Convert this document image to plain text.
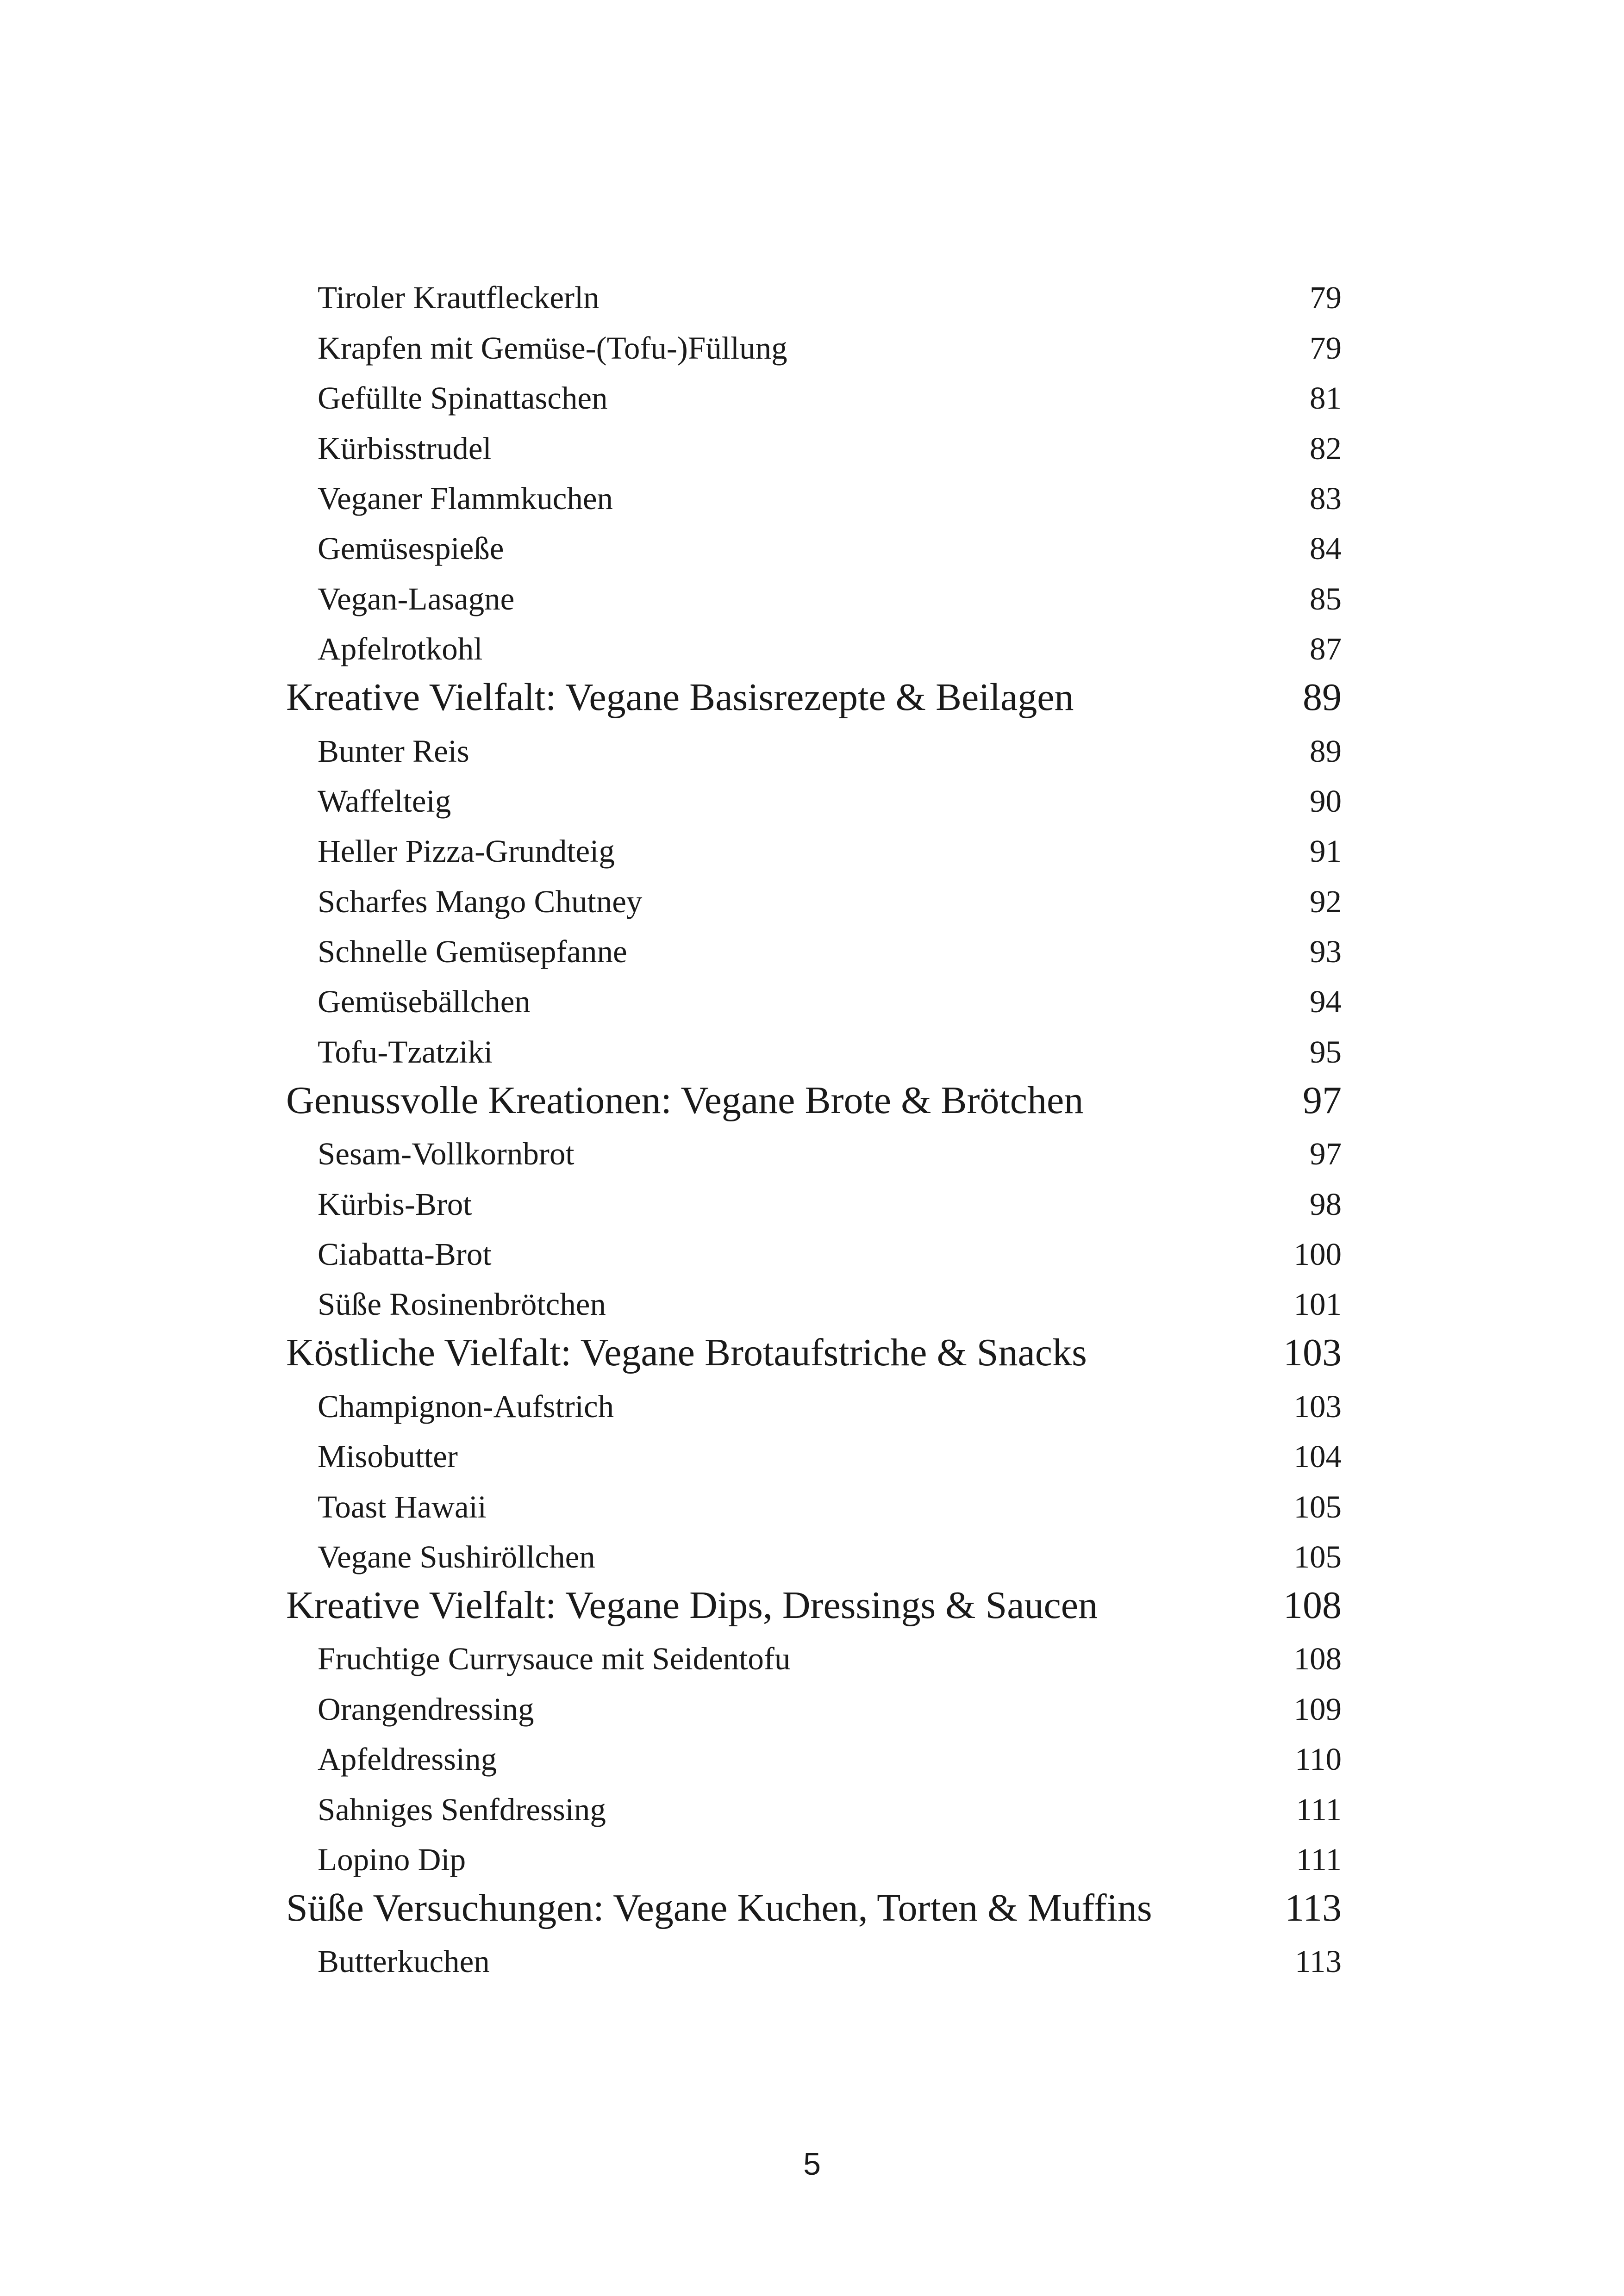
Tiroler Krautfleckerln	79
Krapfen mit Gemüse-(Tofu-)Füllung	79
Gefüllte Spinattaschen	81
Kürbisstrudel	82
Veganer Flammkuchen	83
Gemüsespieße	84
Vegan-Lasagne	85
Apfelrotkohl	87
Kreative Vielfalt: Vegane Basisrezepte & Beilagen	89
Bunter Reis	89
Waffelteig	90
Heller Pizza-Grundteig	91
Scharfes Mango Chutney	92
Schnelle Gemüsepfanne	93
Gemüsebällchen	94
Tofu-Tzatziki	95
Genussvolle Kreationen: Vegane Brote & Brötchen	97
Sesam-Vollkornbrot	97
Kürbis-Brot	98
Ciabatta-Brot	100
Süße Rosinenbrötchen	101
Köstliche Vielfalt: Vegane Brotaufstriche & Snacks	103
Champignon-Aufstrich	103
Misobutter	104
Toast Hawaii	105
Vegane Sushiröllchen	105
Kreative Vielfalt: Vegane Dips, Dressings & Saucen	108
Fruchtige Currysauce mit Seidentofu	108
Orangendressing	109
Apfeldressing	110
Sahniges Senfdressing	111
Lopino Dip	111
Süße Versuchungen: Vegane Kuchen, Torten & Muffins	113
Butterkuchen	113
5
